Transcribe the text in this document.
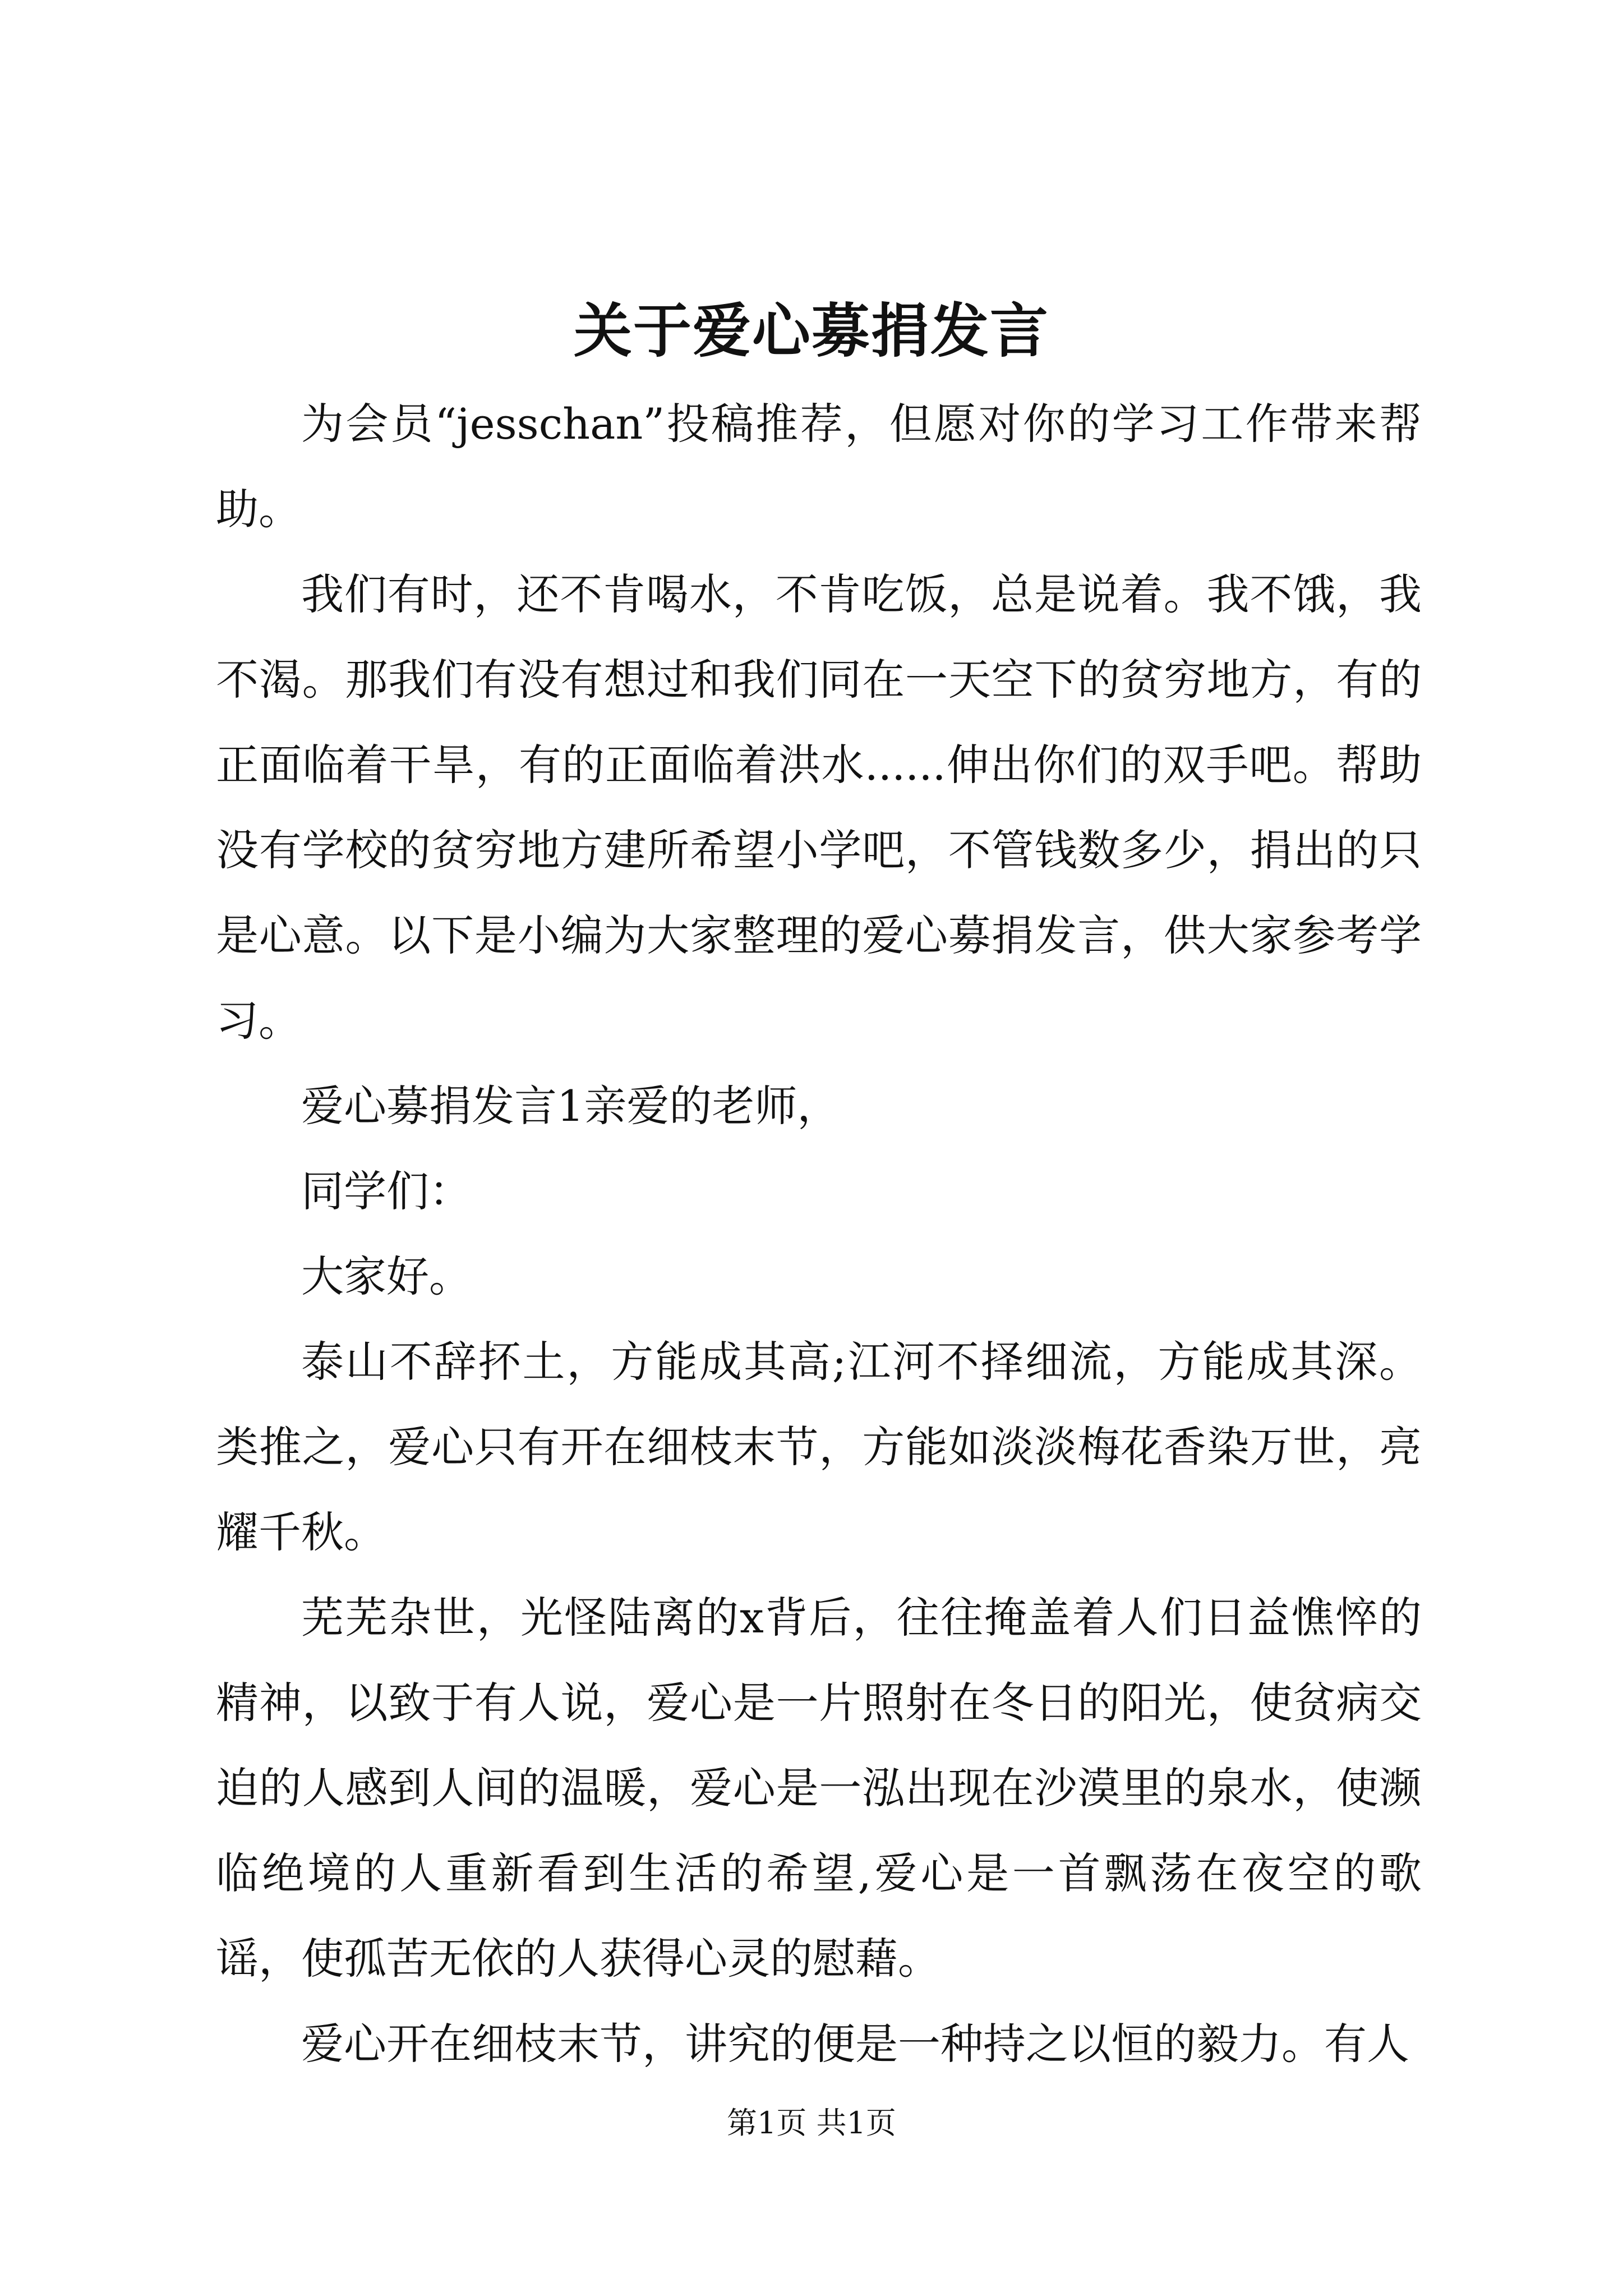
关于爱心募捐发言

为会员“jesschan”投稿推荐，但愿对你的学习工作带来帮助。

我们有时，还不肯喝水，不肯吃饭，总是说着。我不饿，我不渴。那我们有没有想过和我们同在一天空下的贫穷地方，有的正面临着干旱，有的正面临着洪水......伸出你们的双手吧。帮助没有学校的贫穷地方建所希望小学吧，不管钱数多少，捐出的只是心意。以下是小编为大家整理的爱心募捐发言，供大家参考学习。

爱心募捐发言1亲爱的老师，

同学们：

大家好。

泰山不辞抔土，方能成其高;江河不择细流，方能成其深。类推之，爱心只有开在细枝末节，方能如淡淡梅花香染万世，亮耀千秋。

芜芜杂世，光怪陆离的x背后，往往掩盖着人们日益憔悴的精神，以致于有人说，爱心是一片照射在冬日的阳光，使贫病交迫的人感到人间的温暖，爱心是一泓出现在沙漠里的泉水，使濒临绝境的人重新看到生活的希望,爱心是一首飘荡在夜空的歌谣，使孤苦无依的人获得心灵的慰藉。

爱心开在细枝末节，讲究的便是一种持之以恒的毅力。有人

第1页 共1页
